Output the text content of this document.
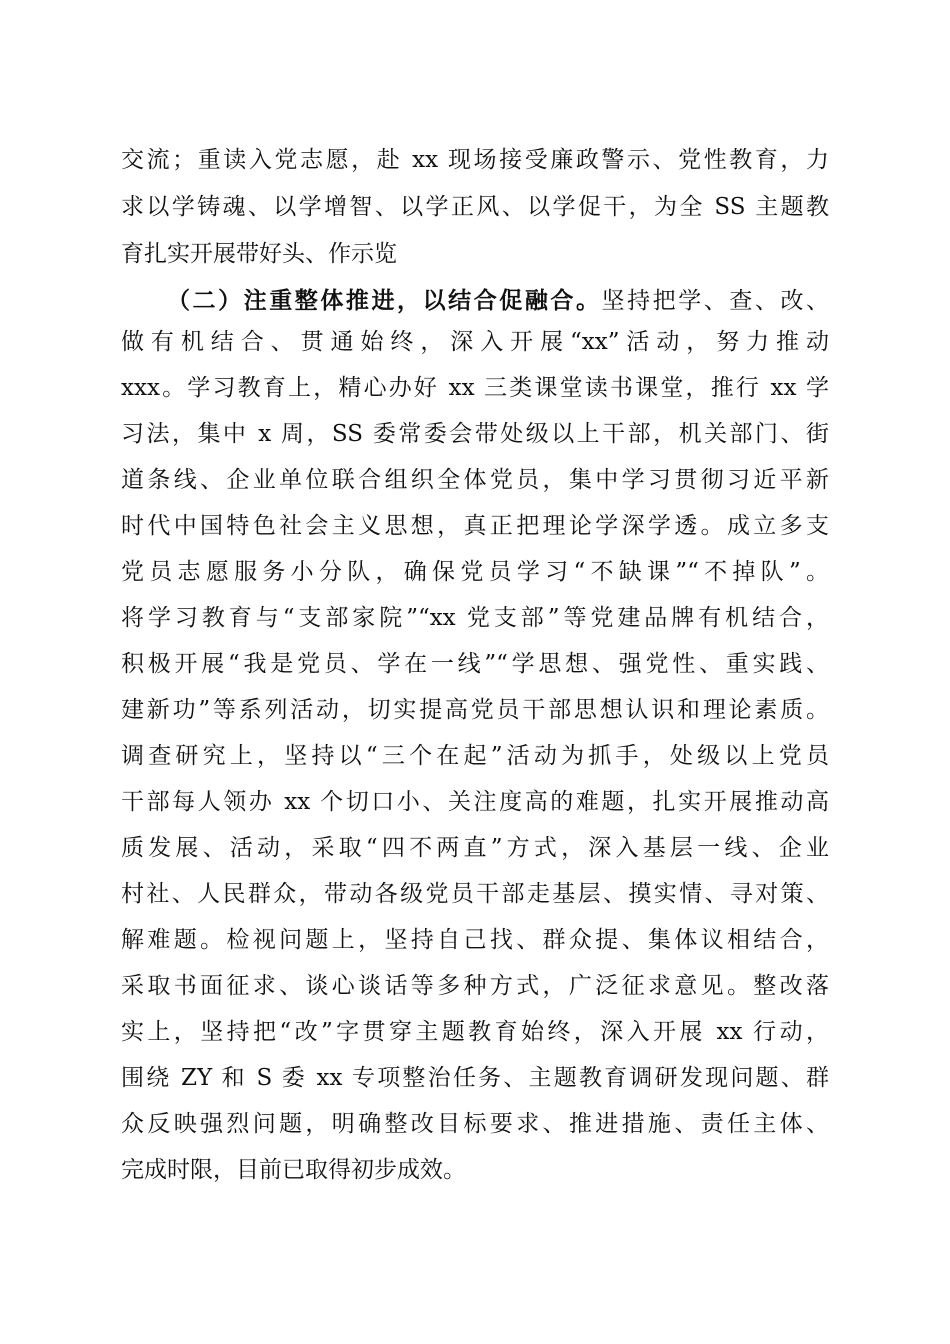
交流；重读入党志愿，赴 xx 现场接受廉政警示、党性教育，力
求以学铸魂、以学增智、以学正风、以学促干，为全 SS 主题教
育扎实开展带好头、作示览
（二）注重整体推进，以结合促融合。坚持把学、查、改、
做有机结合、贯通始终，深入开展“xx”活动，努力推动
xxx。学习教育上，精心办好 xx 三类课堂读书课堂，推行 xx 学
习法，集中 x 周，SS 委常委会带处级以上干部，机关部门、街
道条线、企业单位联合组织全体党员，集中学习贯彻习近平新
时代中国特色社会主义思想，真正把理论学深学透。成立多支
党员志愿服务小分队，确保党员学习“不缺课”“不掉队”。
将学习教育与“支部家院”“xx 党支部”等党建品牌有机结合，
积极开展“我是党员、学在一线”“学思想、强党性、重实践、
建新功”等系列活动，切实提高党员干部思想认识和理论素质。
调查研究上，坚持以“三个在起”活动为抓手，处级以上党员
干部每人领办 xx 个切口小、关注度高的难题，扎实开展推动高
质发展、活动，采取“四不两直”方式，深入基层一线、企业
村社、人民群众，带动各级党员干部走基层、摸实情、寻对策、
解难题。检视问题上，坚持自己找、群众提、集体议相结合，
采取书面征求、谈心谈话等多种方式，广泛征求意见。整改落
实上，坚持把“改”字贯穿主题教育始终，深入开展 xx 行动，
围绕 ZY 和 S 委 xx 专项整治任务、主题教育调研发现问题、群
众反映强烈问题，明确整改目标要求、推进措施、责任主体、
完成时限，目前已取得初步成效。
